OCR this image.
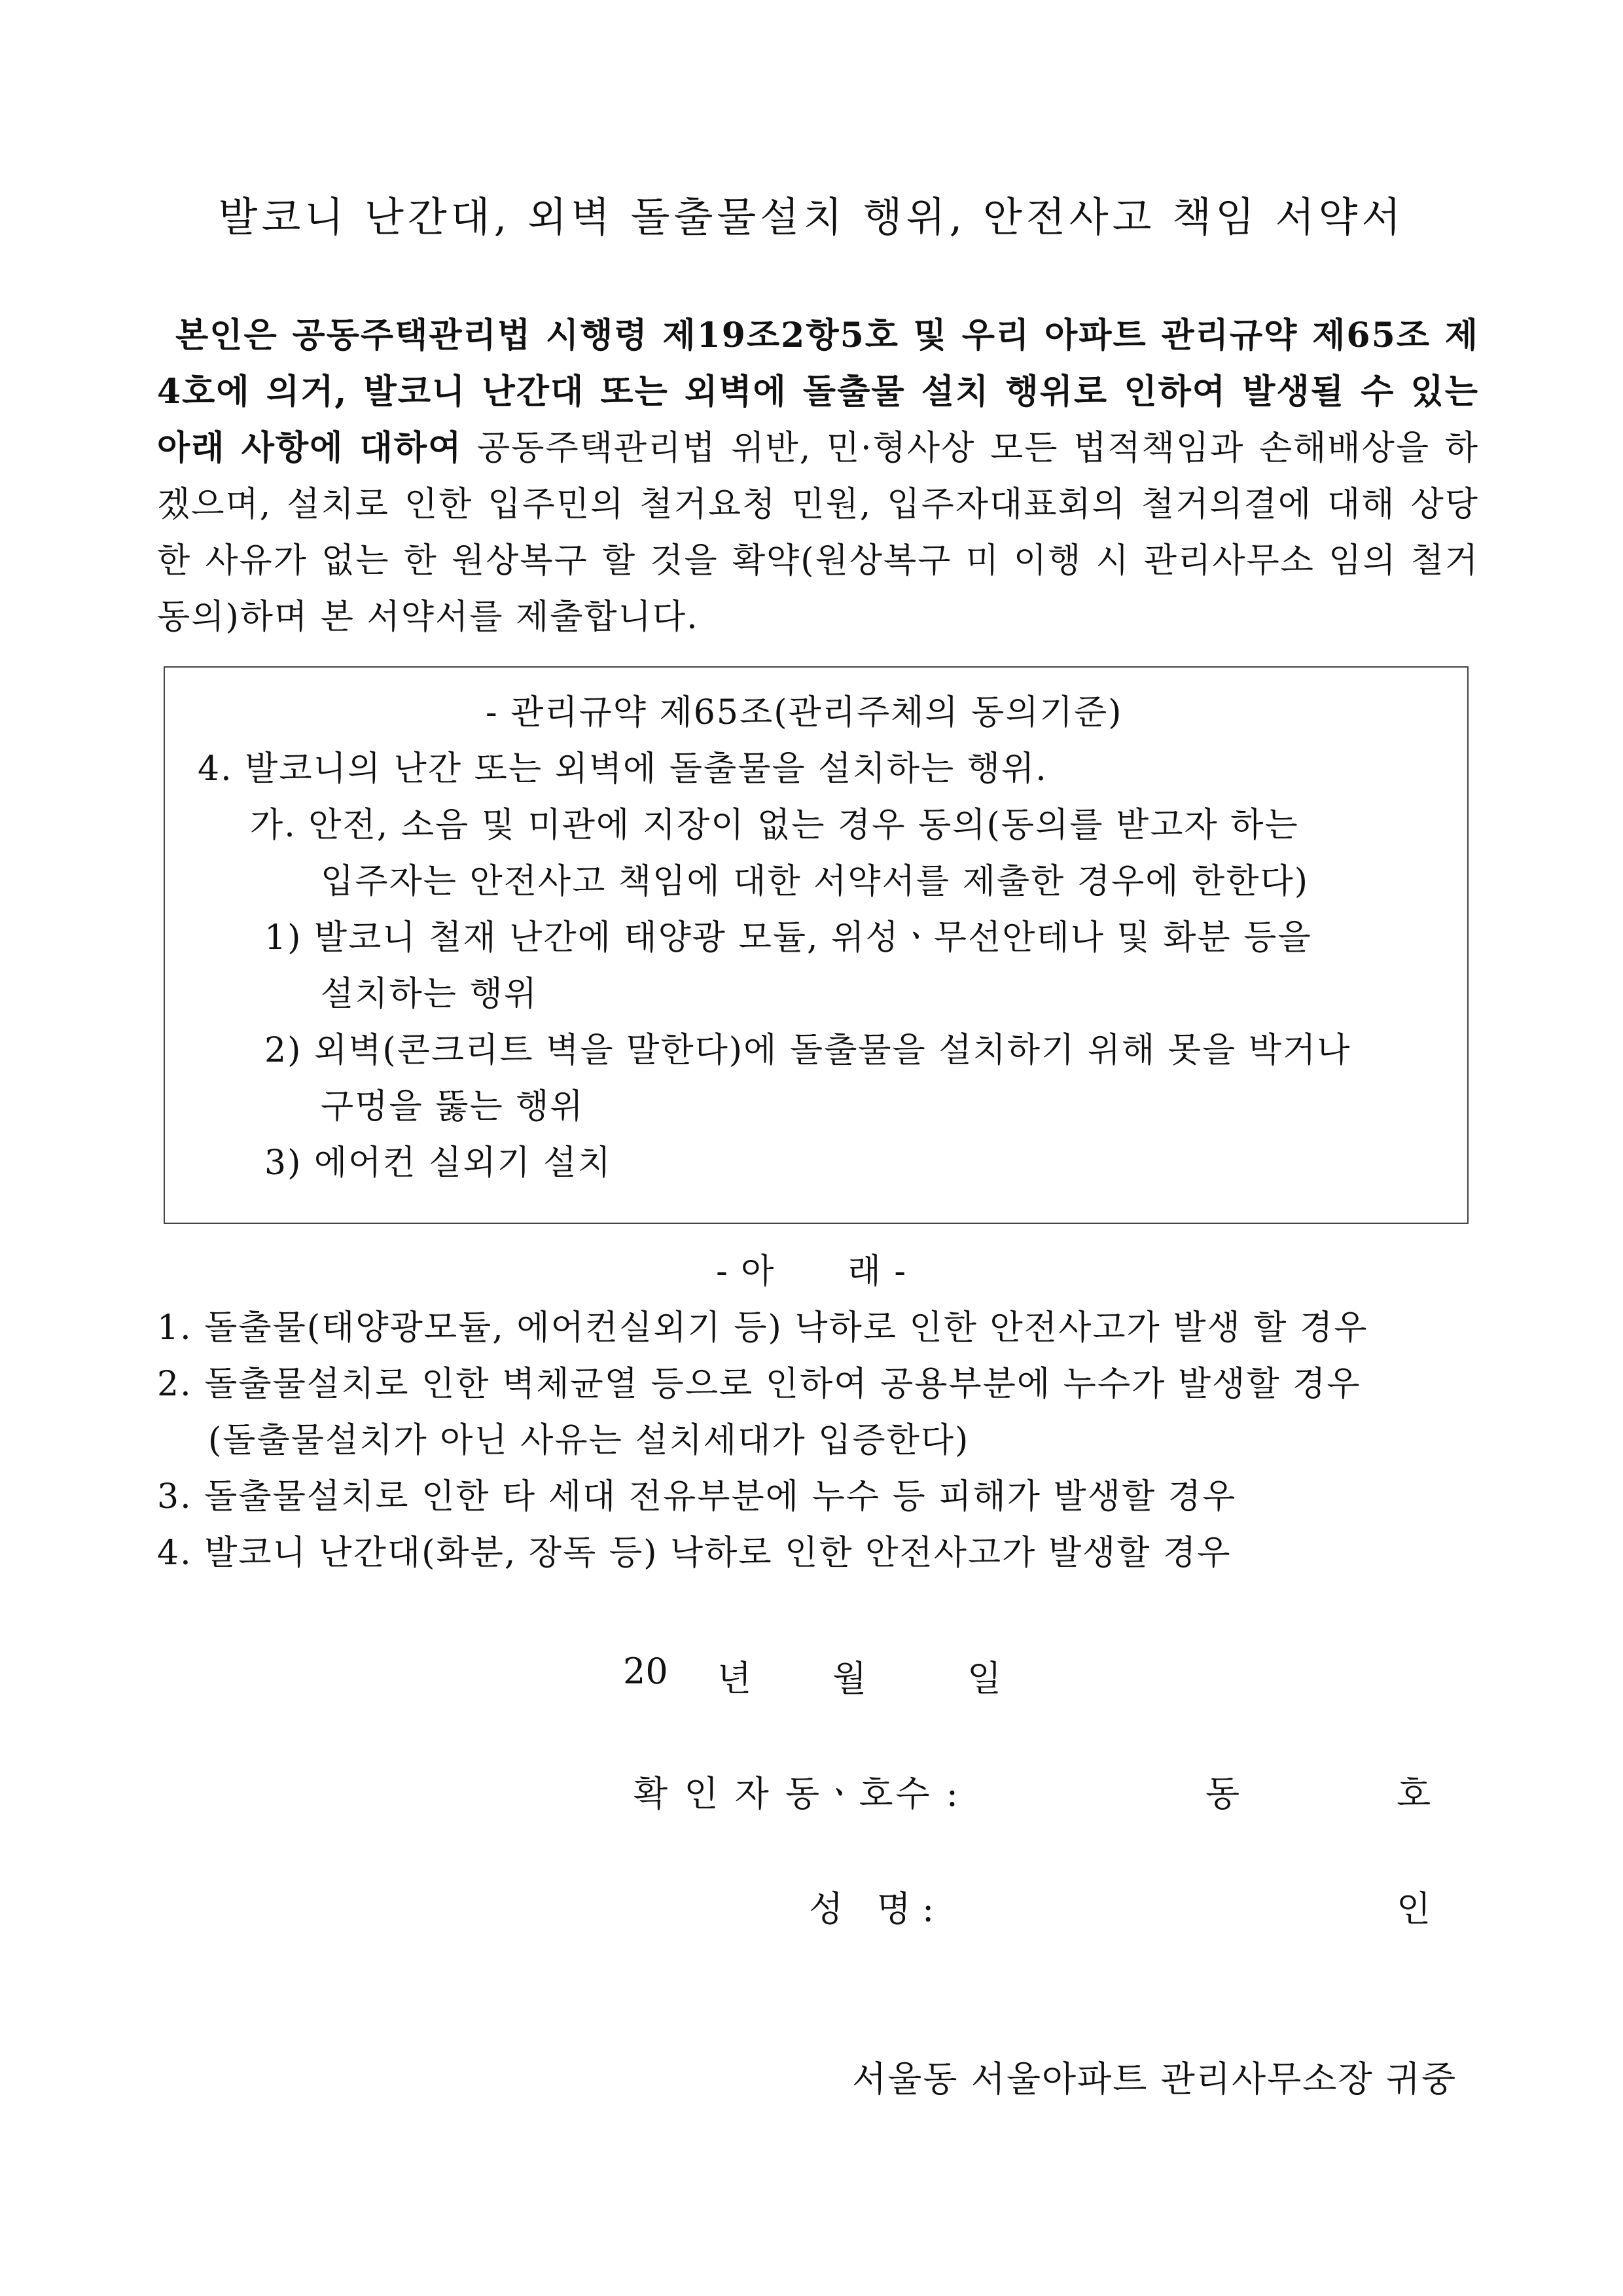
발코니 난간대, 외벽 돌출물설치 행위, 안전사고 책임 서약서

본인은 공동주택관리법 시행령 제19조2항5호 및 우리 아파트 관리규약 제65조 제4호에 의거, 발코니 난간대 또는 외벽에 돌출물 설치 행위로 인하여 발생될 수 있는 아래 사항에 대하여 공동주택관리법 위반, 민·형사상 모든 법적책임과 손해배상을 하겠으며, 설치로 인한 입주민의 철거요청 민원, 입주자대표회의 철거의결에 대해 상당한 사유가 없는 한 원상복구 할 것을 확약(원상복구 미 이행 시 관리사무소 임의 철거 동의)하며 본 서약서를 제출합니다.

- 관리규약 제65조(관리주체의 동의기준)
4. 발코니의 난간 또는 외벽에 돌출물을 설치하는 행위.
가. 안전, 소음 및 미관에 지장이 없는 경우 동의(동의를 받고자 하는
입주자는 안전사고 책임에 대한 서약서를 제출한 경우에 한한다)
1) 발코니 철재 난간에 태양광 모듈, 위성ㆍ무선안테나 및 화분 등을
설치하는 행위
2) 외벽(콘크리트 벽을 말한다)에 돌출물을 설치하기 위해 못을 박거나
구멍을 뚫는 행위
3) 에어컨 실외기 설치
- 아      래 -
1. 돌출물(태양광모듈, 에어컨실외기 등) 낙하로 인한 안전사고가 발생 할 경우
2. 돌출물설치로 인한 벽체균열 등으로 인하여 공용부분에 누수가 발생할 경우
(돌출물설치가 아닌 사유는 설치세대가 입증한다)
3. 돌출물설치로 인한 타 세대 전유부분에 누수 등 피해가 발생할 경우
4. 발코니 난간대(화분, 장독 등) 낙하로 인한 안전사고가 발생할 경우
20 년 월	일
확 인 자 동ㆍ호수 :	동	호
성   명 :	인
서울동 서울아파트 관리사무소장 귀중
